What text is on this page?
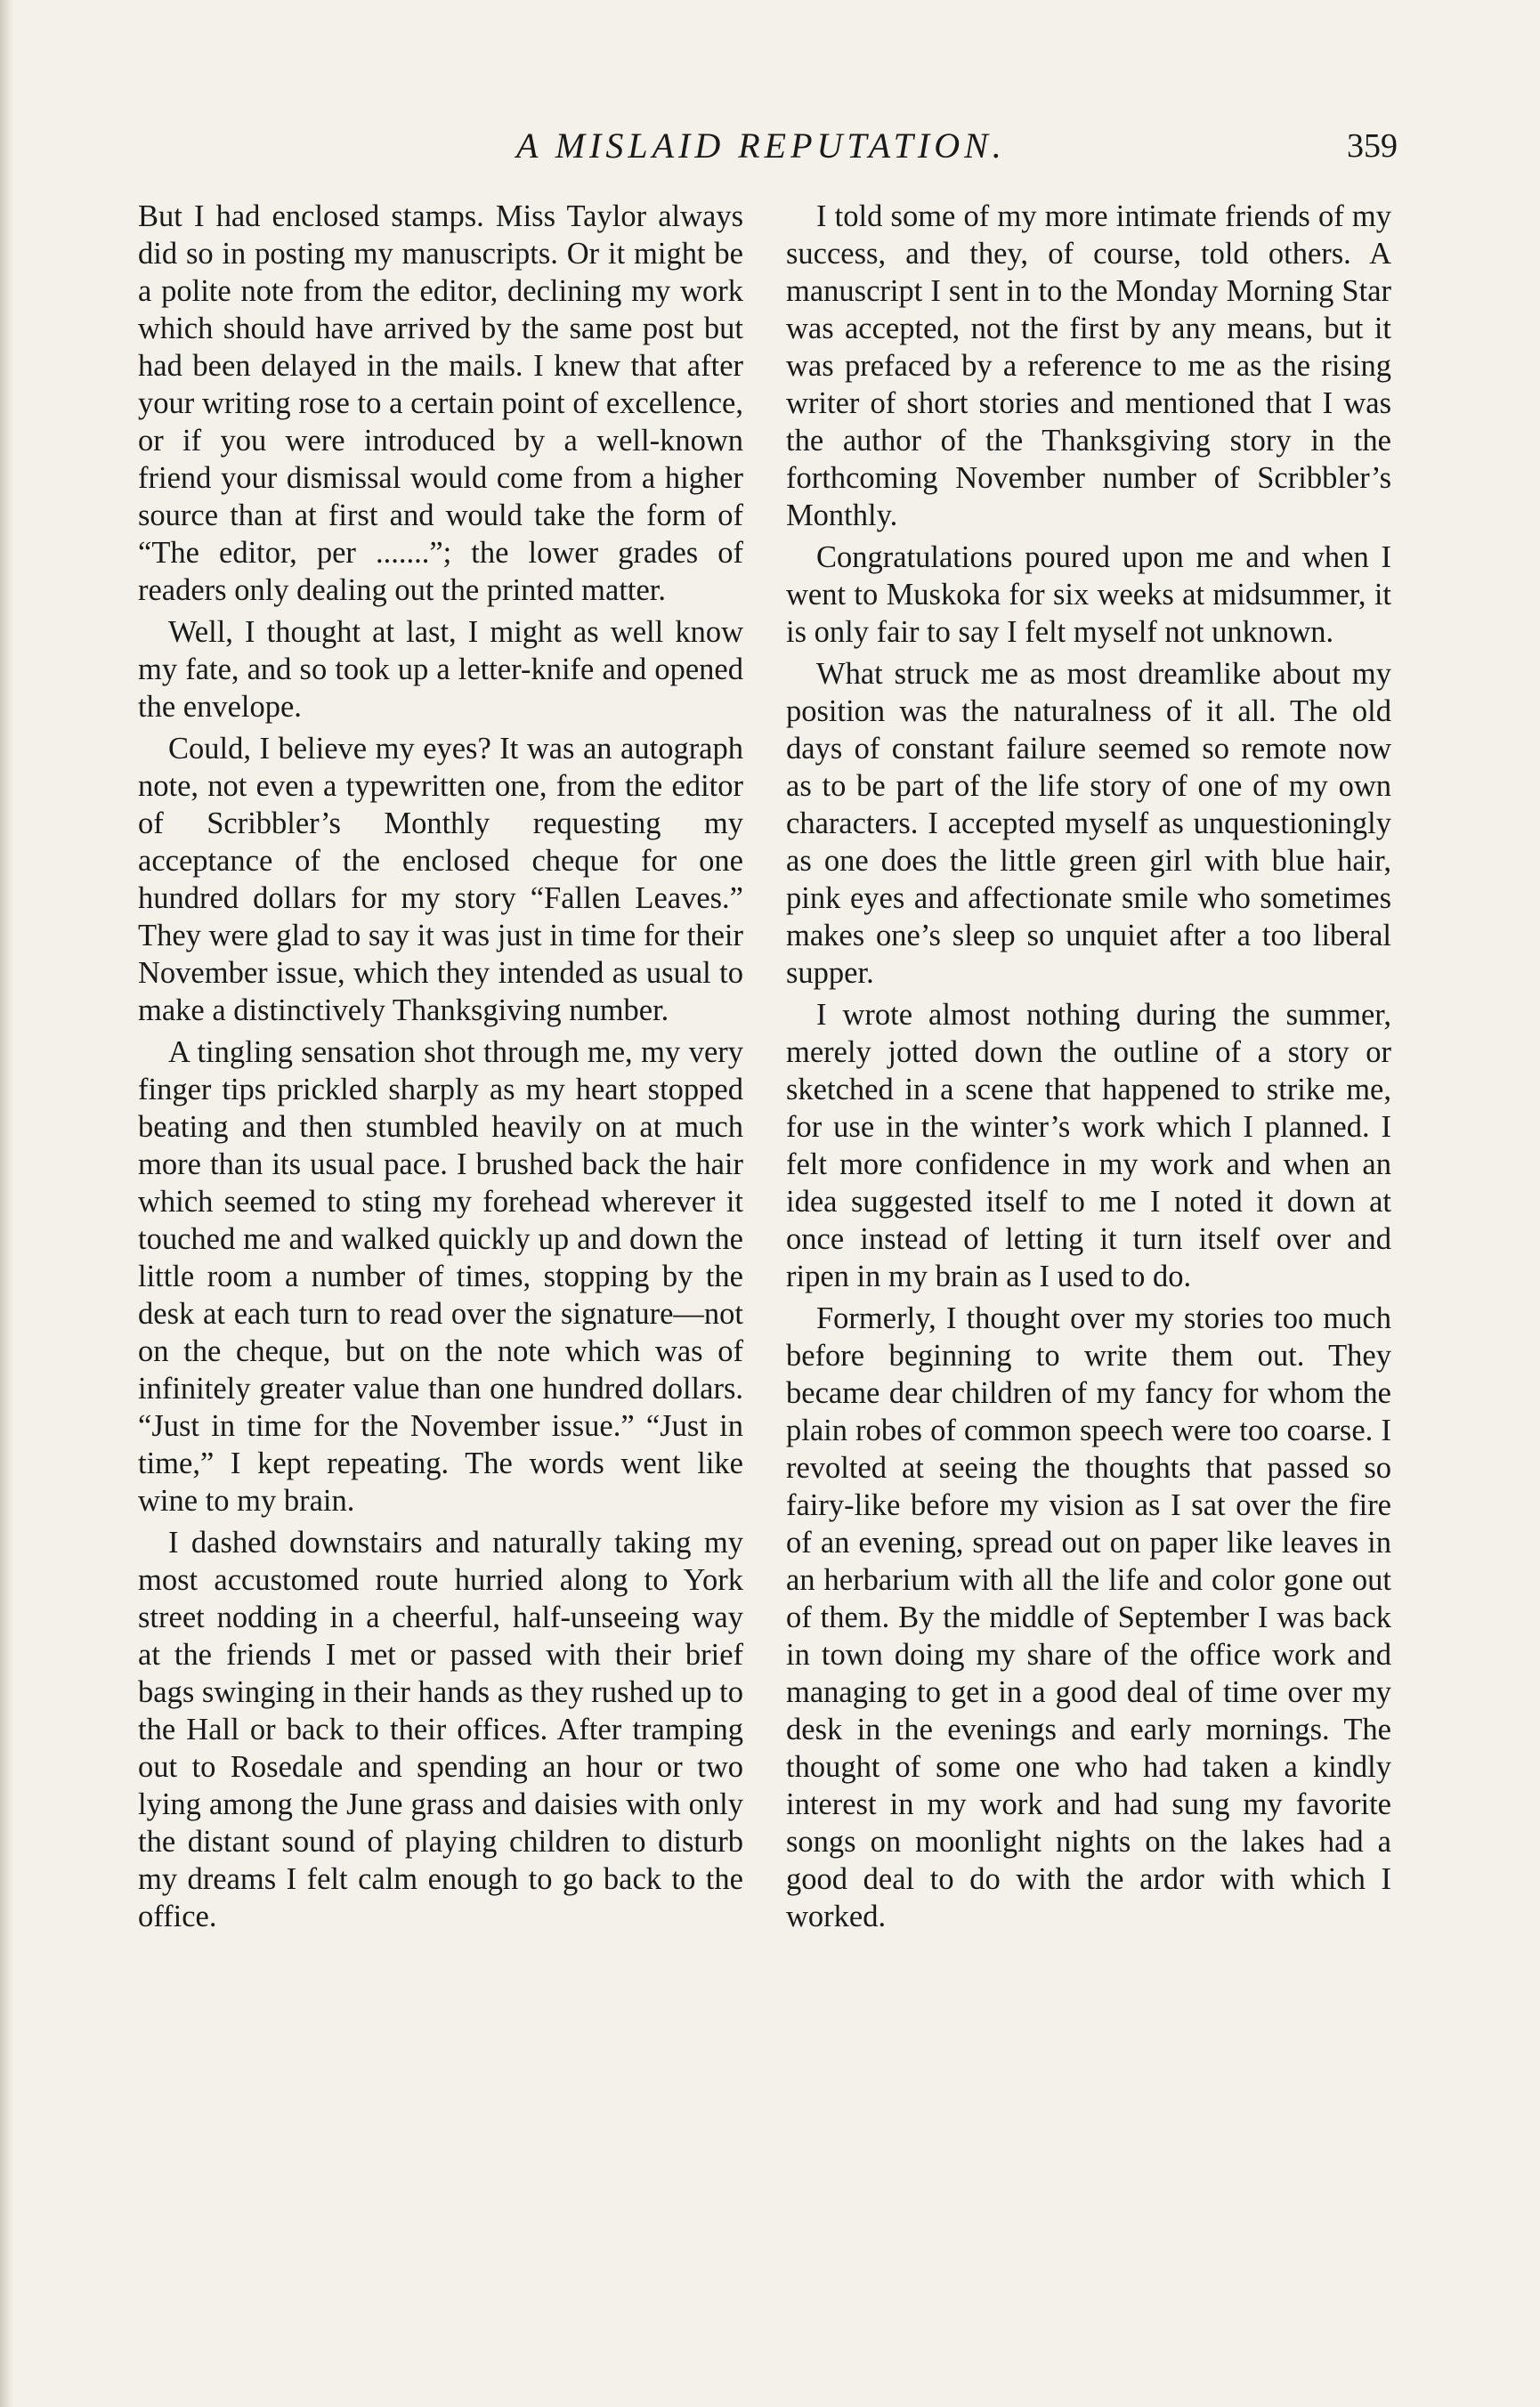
A MISLAID REPUTATION.	359

But I had enclosed stamps. Miss Taylor always did so in posting my manuscripts. Or it might be a polite note from the editor, declining my work which should have arrived by the same post but had been delayed in the mails. I knew that after your writing rose to a certain point of excellence, or if you were introduced by a well-known friend your dismissal would come from a higher source than at first and would take the form of “The editor, per .......”; the lower grades of readers only dealing out the printed matter.

Well, I thought at last, I might as well know my fate, and so took up a letter-knife and opened the envelope.

Could, I believe my eyes? It was an autograph note, not even a typewritten one, from the editor of Scribbler’s Monthly requesting my acceptance of the enclosed cheque for one hundred dollars for my story “Fallen Leaves.” They were glad to say it was just in time for their November issue, which they intended as usual to make a distinctively Thanksgiving number.

A tingling sensation shot through me, my very finger tips prickled sharply as my heart stopped beating and then stumbled heavily on at much more than its usual pace. I brushed back the hair which seemed to sting my forehead wherever it touched me and walked quickly up and down the little room a number of times, stopping by the desk at each turn to read over the signature—not on the cheque, but on the note which was of infinitely greater value than one hundred dollars. “Just in time for the November issue.” “Just in time,” I kept repeating. The words went like wine to my brain.

I dashed downstairs and naturally taking my most accustomed route hurried along to York street nodding in a cheerful, half-unseeing way at the friends I met or passed with their brief bags swinging in their hands as they rushed up to the Hall or back to their offices. After tramping out to Rosedale and spending an hour or two lying among the June grass and daisies with only the distant sound of playing children to disturb my dreams I felt calm enough to go back to the office.

I told some of my more intimate friends of my success, and they, of course, told others. A manuscript I sent in to the Monday Morning Star was accepted, not the first by any means, but it was prefaced by a reference to me as the rising writer of short stories and mentioned that I was the author of the Thanksgiving story in the forthcoming November number of Scribbler’s Monthly.

Congratulations poured upon me and when I went to Muskoka for six weeks at midsummer, it is only fair to say I felt myself not unknown.

What struck me as most dreamlike about my position was the naturalness of it all. The old days of constant failure seemed so remote now as to be part of the life story of one of my own characters. I accepted myself as unquestioningly as one does the little green girl with blue hair, pink eyes and affectionate smile who sometimes makes one’s sleep so unquiet after a too liberal supper.

I wrote almost nothing during the summer, merely jotted down the outline of a story or sketched in a scene that happened to strike me, for use in the winter’s work which I planned. I felt more confidence in my work and when an idea suggested itself to me I noted it down at once instead of letting it turn itself over and ripen in my brain as I used to do.

Formerly, I thought over my stories too much before beginning to write them out. They became dear children of my fancy for whom the plain robes of common speech were too coarse. I revolted at seeing the thoughts that passed so fairy-like before my vision as I sat over the fire of an evening, spread out on paper like leaves in an herbarium with all the life and color gone out of them. By the middle of September I was back in town doing my share of the office work and managing to get in a good deal of time over my desk in the evenings and early mornings. The thought of some one who had taken a kindly interest in my work and had sung my favorite songs on moonlight nights on the lakes had a good deal to do with the ardor with which I worked.
